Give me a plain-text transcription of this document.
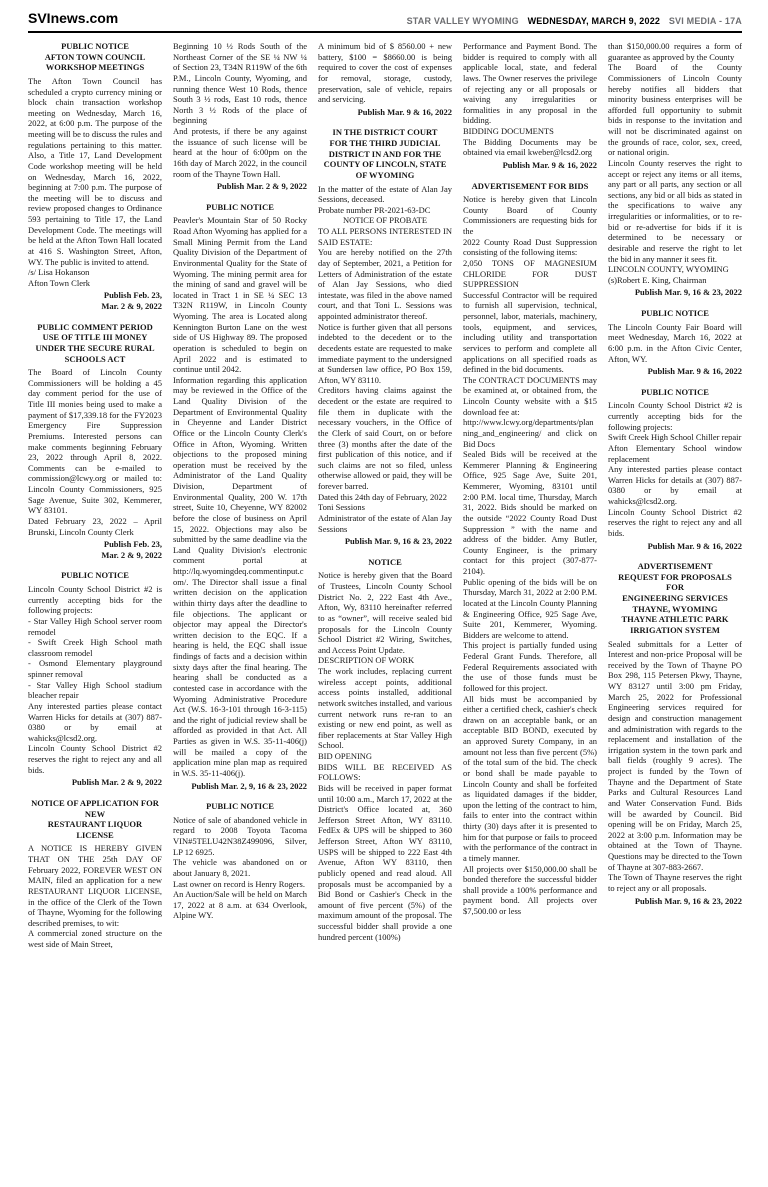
SVInews.com	STAR VALLEY WYOMING WEDNESDAY, MARCH 9, 2022 SVI MEDIA - 17A
PUBLIC NOTICE
AFTON TOWN COUNCIL
WORKSHOP MEETINGS
The Afton Town Council has scheduled a crypto currency mining or block chain transaction workshop meeting on Wednesday, March 16, 2022, at 6:00 p.m. The purpose of the meeting will be to discuss the rules and regulations pertaining to this matter. Also, a Title 17, Land Development Code workshop meeting will be held on Wednesday, March 16, 2022, beginning at 7:00 p.m. The purpose of the meeting will be to discuss and review proposed changes to Ordinance 593 pertaining to Title 17, the Land Development Code. The meetings will be held at the Afton Town Hall located at 416 S. Washington Street, Afton, WY. The public is invited to attend.
/s/ Lisa Hokanson
Afton Town Clerk
Publish Feb. 23,
Mar. 2 & 9, 2022
PUBLIC COMMENT PERIOD
USE OF TITLE III MONEY
UNDER THE SECURE RURAL
SCHOOLS ACT
The Board of Lincoln County Commissioners will be holding a 45 day comment period for the use of Title III monies being used to make a payment of $17,339.18 for the FY2023 Emergency Fire Suppression Premiums. Interested persons can make comments beginning February 23, 2022 through April 8, 2022. Comments can be e-mailed to commission@lcwy.org or mailed to: Lincoln County Commissioners, 925 Sage Avenue, Suite 302, Kemmerer, WY 83101.
Dated February 23, 2022 – April Brunski, Lincoln County Clerk
Publish Feb. 23,
Mar. 2 & 9, 2022
PUBLIC NOTICE
Lincoln County School District #2 is currently accepting bids for the following projects:
- Star Valley High School server room remodel
- Swift Creek High School math classroom remodel
- Osmond Elementary playground spinner removal
- Star Valley High School stadium bleacher repair
Any interested parties please contact Warren Hicks for details at (307) 887-0380 or by email at wahicks@lcsd2.org.
Lincoln County School District #2 reserves the right to reject any and all bids.
Publish Mar. 2 & 9, 2022
NOTICE OF APPLICATION FOR
NEW
RESTAURANT LIQUOR
LICENSE
A NOTICE IS HEREBY GIVEN THAT ON THE 25th DAY OF February 2022, FOREVER WEST ON MAIN, filed an application for a new RESTAURANT LIQUOR LICENSE, in the office of the Clerk of the Town of Thayne, Wyoming for the following described premises, to wit:
A commercial zoned structure on the west side of Main Street,
Beginning 10 ½ Rods South of the Northeast Corner of the SE ¼ NW ¼ of Section 23, T34N R119W of the 6th P.M., Lincoln County, Wyoming, and running thence West 10 Rods, thence South 3 ½ rods, East 10 rods, thence North 3 ½ Rods of the place of beginning
And protests, if there be any against the issuance of such license will be heard at the hour of 6:00pm on the 16th day of March 2022, in the council room of the Thayne Town Hall.
Publish Mar. 2 & 9, 2022
PUBLIC NOTICE
Peavler's Mountain Star of 50 Rocky Road Afton Wyoming has applied for a Small Mining Permit from the Land Quality Division of the Department of Environmental Quality for the State of Wyoming. The mining permit area for the mining of sand and gravel will be located in Tract 1 in SE ¼ SEC 13 T32N R119W, in Lincoln County Wyoming. The area is Located along Kennington Burton Lane on the west side of US Highway 89. The proposed operation is scheduled to begin on April 2022 and is estimated to continue until 2042.
Information regarding this application may be reviewed in the Office of the Land Quality Division of the Department of Environmental Quality in Cheyenne and Lander District Office or the Lincoln County Clerk's Office in Afton, Wyoming. Written objections to the proposed mining operation must be received by the Administrator of the Land Quality Division, Department of Environmental Quality, 200 W. 17th street, Suite 10, Cheyenne, WY 82002 before the close of business on April 15, 2022. Objections may also be submitted by the same deadline via the Land Quality Division's electronic comment portal at http://lq.wyomingdeq.commentinput.com/. The Director shall issue a final written decision on the application within thirty days after the deadline to file objections. The applicant or objector may appeal the Director's written decision to the EQC. If a hearing is held, the EQC shall issue findings of facts and a decision within sixty days after the final hearing. The hearing shall be conducted as a contested case in accordance with the Wyoming Administrative Procedure Act (W.S. 16-3-101 through 16-3-115) and the right of judicial review shall be afforded as provided in that Act. All Parties as given in W.S. 35-11-406(j) will be mailed a copy of the application mine plan map as required in W.S. 35-11-406(j).
Publish Mar. 2, 9, 16 & 23, 2022
PUBLIC NOTICE
Notice of sale of abandoned vehicle in regard to 2008 Toyota Tacoma VIN#5TELU42N38Z499096, Silver, LP 12 6925.
The vehicle was abandoned on or about January 8, 2021.
Last owner on record is Henry Rogers.
An Auction/Sale will be held on March 17, 2022 at 8 a.m. at 634 Overlook, Alpine WY.
A minimum bid of $ 8560.00 + new battery, $100 = $8660.00 is being required to cover the cost of expenses for removal, storage, custody, preservation, sale of vehicle, repairs and servicing.
Publish Mar. 9 & 16, 2022
IN THE DISTRICT COURT
FOR THE THIRD JUDICIAL
DISTRICT IN AND FOR THE
COUNTY OF LINCOLN, STATE
OF WYOMING
In the matter of the estate of Alan Jay Sessions, deceased.
Probate number PR-2021-63-DC
NOTICE OF PROBATE
TO ALL PERSONS INTERESTED IN SAID ESTATE:
You are hereby notified on the 27th day of September, 2021, a Petition for Letters of Administration of the estate of Alan Jay Sessions, who died intestate, was filed in the above named court, and that Toni L. Sessions was appointed administrator thereof.
Notice is further given that all persons indebted to the decedent or to the decedents estate are requested to make immediate payment to the undersigned at Sundersen law office, PO Box 159, Afton, WY 83110.
Creditors having claims against the decedent or the estate are required to file them in duplicate with the necessary vouchers, in the Office of the Clerk of said Court, on or before three (3) months after the date of the first publication of this notice, and if such claims are not so filed, unless otherwise allowed or paid, they will be forever barred.
Dated this 24th day of February, 2022
Toni Sessions
Administrator of the estate of Alan Jay Sessions
Publish Mar. 9, 16 & 23, 2022
NOTICE
Notice is hereby given that the Board of Trustees, Lincoln County School District No. 2, 222 East 4th Ave., Afton, Wy, 83110 hereinafter referred to as “owner”, will receive sealed bid proposals for the Lincoln County School District #2 Wiring, Switches, and Access Point Update.
DESCRIPTION OF WORK
The work includes, replacing current wireless accept points, additional access points installed, additional network switches installed, and various current network runs re-ran to an existing or new end point, as well as fiber replacements at Star Valley High School.
BID OPENING
BIDS WILL BE RECEIVED AS FOLLOWS:
Bids will be received in paper format until 10:00 a.m., March 17, 2022 at the District's Office located at, 360 Jefferson Street Afton, WY 83110. FedEx & UPS will be shipped to 360 Jefferson Street, Afton WY 83110, USPS will be shipped to 222 East 4th Avenue, Afton WY 83110, then publicly opened and read aloud. All proposals must be accompanied by a Bid Bond or Cashier's Check in the amount of five percent (5%) of the maximum amount of the proposal. The successful bidder shall provide a one hundred percent (100%)
Performance and Payment Bond. The bidder is required to comply with all applicable local, state, and federal laws. The Owner reserves the privilege of rejecting any or all proposals or waiving any irregularities or formalities in any proposal in the bidding.
BIDDING DOCUMENTS
The Bidding Documents may be obtained via email kweber@lcsd2.org
Publish Mar. 9 & 16, 2022
ADVERTISEMENT FOR BIDS
Notice is hereby given that Lincoln County Board of County Commissioners are requesting bids for the
2022 County Road Dust Suppression consisting of the following items:
2,050 TONS OF MAGNESIUM CHLORIDE FOR DUST SUPPRESSION
Successful Contractor will be required to furnish all supervision, technical, personnel, labor, materials, machinery, tools, equipment, and services, including utility and transportation services to perform and complete all applications on all specified roads as defined in the bid documents.
The CONTRACT DOCUMENTS may be examined at, or obtained from, the Lincoln County website with a $15 download fee at:
http://www.lcwy.org/departments/planning_and_engineering/ and click on Bid Docs
Sealed Bids will be received at the Kemmerer Planning & Engineering Office, 925 Sage Ave, Suite 201, Kemmerer, Wyoming, 83101 until 2:00 P.M. local time, Thursday, March 31, 2022. Bids should be marked on the outside “2022 County Road Dust Suppression ” with the name and address of the bidder. Amy Butler, County Engineer, is the primary contact for this project (307-877-2104).
Public opening of the bids will be on Thursday, March 31, 2022 at 2:00 P.M. located at the Lincoln County Planning & Engineering Office, 925 Sage Ave, Suite 201, Kemmerer, Wyoming. Bidders are welcome to attend.
This project is partially funded using Federal Grant Funds. Therefore, all Federal Requirements associated with the use of those funds must be followed for this project.
All bids must be accompanied by either a certified check, cashier's check drawn on an acceptable bank, or an acceptable BID BOND, executed by an approved Surety Company, in an amount not less than five percent (5%) of the total sum of the bid. The check or bond shall be made payable to Lincoln County and shall be forfeited as liquidated damages if the bidder, upon the letting of the contract to him, fails to enter into the contract within thirty (30) days after it is presented to him for that purpose or fails to proceed with the performance of the contract in a timely manner.
All projects over $150,000.00 shall be bonded therefore the successful bidder shall provide a 100% performance and payment bond. All projects over $7,500.00 or less
than $150,000.00 requires a form of guarantee as approved by the County
The Board of the County Commissioners of Lincoln County hereby notifies all bidders that minority business enterprises will be afforded full opportunity to submit bids in response to the invitation and will not be discriminated against on the grounds of race, color, sex, creed, or national origin.
Lincoln County reserves the right to accept or reject any items or all items, any part or all parts, any section or all sections, any bid or all bids as stated in the specifications to waive any irregularities or informalities, or to re-bid or re-advertise for bids if it is determined to be necessary or desirable and reserve the right to let the bid in any manner it sees fit.
LINCOLN COUNTY, WYOMING
(s)Robert E. King, Chairman
Publish Mar. 9, 16 & 23, 2022
PUBLIC NOTICE
The Lincoln County Fair Board will meet Wednesday, March 16, 2022 at 6:00 p.m. in the Afton Civic Center, Afton, WY.
Publish Mar. 9 & 16, 2022
PUBLIC NOTICE
Lincoln County School District #2 is currently accepting bids for the following projects:
Swift Creek High School Chiller repair
Afton Elementary School window replacement
Any interested parties please contact Warren Hicks for details at (307) 887-0380 or by email at wahicks@lcsd2.org.
Lincoln County School District #2 reserves the right to reject any and all bids.
Publish Mar. 9 & 16, 2022
ADVERTISEMENT
REQUEST FOR PROPOSALS
FOR
ENGINEERING SERVICES
THAYNE, WYOMING
THAYNE ATHLETIC PARK
IRRIGATION SYSTEM
Sealed submittals for a Letter of Interest and non-price Proposal will be received by the Town of Thayne PO Box 298, 115 Petersen Pkwy, Thayne, WY 83127 until 3:00 pm Friday, March 25, 2022 for Professional Engineering services required for design and construction management and administration with regards to the replacement and installation of the irrigation system in the town park and ball fields (roughly 9 acres). The project is funded by the Town of Thayne and the Department of State Parks and Cultural Resources Land and Water Conservation Fund. Bids will be awarded by Council. Bid opening will be on Friday, March 25, 2022 at 3:00 p.m. Information may be obtained at the Town of Thayne. Questions may be directed to the Town of Thayne at 307-883-2667.
The Town of Thayne reserves the right to reject any or all proposals.
Publish Mar. 9, 16 & 23, 2022
